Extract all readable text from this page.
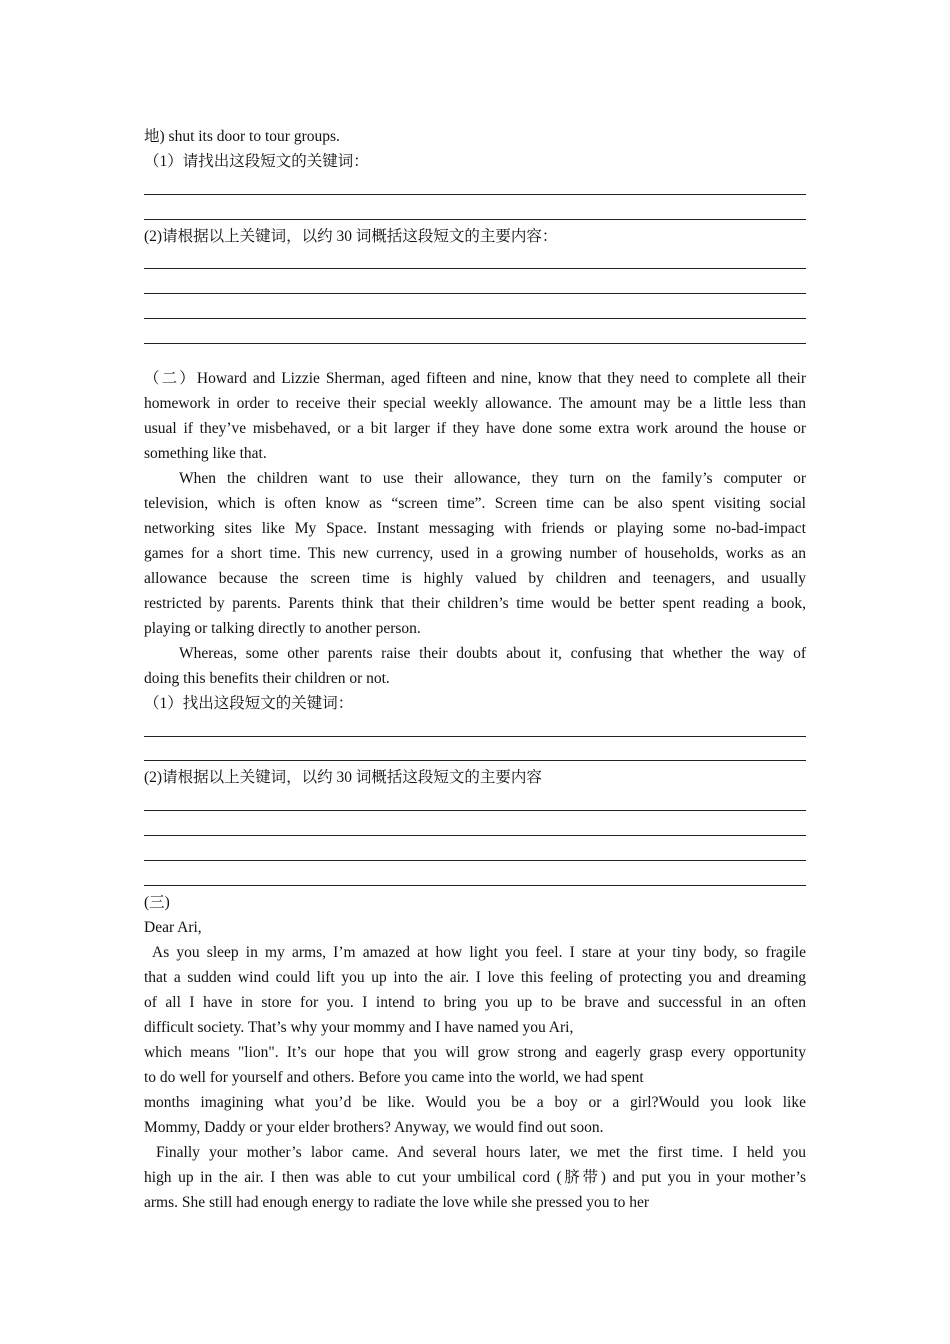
地) shut its door to tour groups.
（1）请找出这段短文的关键词：
(2)请根据以上关键词，以约 30 词概括这段短文的主要内容：
（二）Howard and Lizzie Sherman, aged fifteen and nine, know that they need to complete all their
homework in order to receive their special weekly allowance. The amount may be a little less than
usual if they’ve misbehaved, or a bit larger if they have done some extra work around the house or
something like that.
When the children want to use their allowance, they turn on the family’s computer or
television, which is often know as “screen time”. Screen time can be also spent visiting social
networking sites like My Space. Instant messaging with friends or playing some no-bad-impact
games for a short time. This new currency, used in a growing number of households, works as an
allowance because the screen time is highly valued by children and teenagers, and usually
restricted by parents. Parents think that their children’s time would be better spent reading a book,
playing or talking directly to another person.
Whereas, some other parents raise their doubts about it, confusing that whether the way of
doing this benefits their children or not.
（1）找出这段短文的关键词：
(2)请根据以上关键词，以约 30 词概括这段短文的主要内容
(三)
Dear Ari,
As you sleep in my arms, I’m amazed at how light you feel. I stare at your tiny body, so fragile
that a sudden wind could lift you up into the air. I love this feeling of protecting you and dreaming
of all I have in store for you. I intend to bring you up to be brave and successful in an often
difficult society. That’s why your mommy and I have named you Ari,
which means "lion". It’s our hope that you will grow strong and eagerly grasp every opportunity
to do well for yourself and others. Before you came into the world, we had spent
months imagining what you’d be like. Would you be a boy or a girl?Would you look like
Mommy, Daddy or your elder brothers? Anyway, we would find out soon.
Finally your mother’s labor came. And several hours later, we met the first time. I held you
high up in the air. I then was able to cut your umbilical cord (脐带) and put you in your mother’s
arms. She still had enough energy to radiate the love while she pressed you to her
